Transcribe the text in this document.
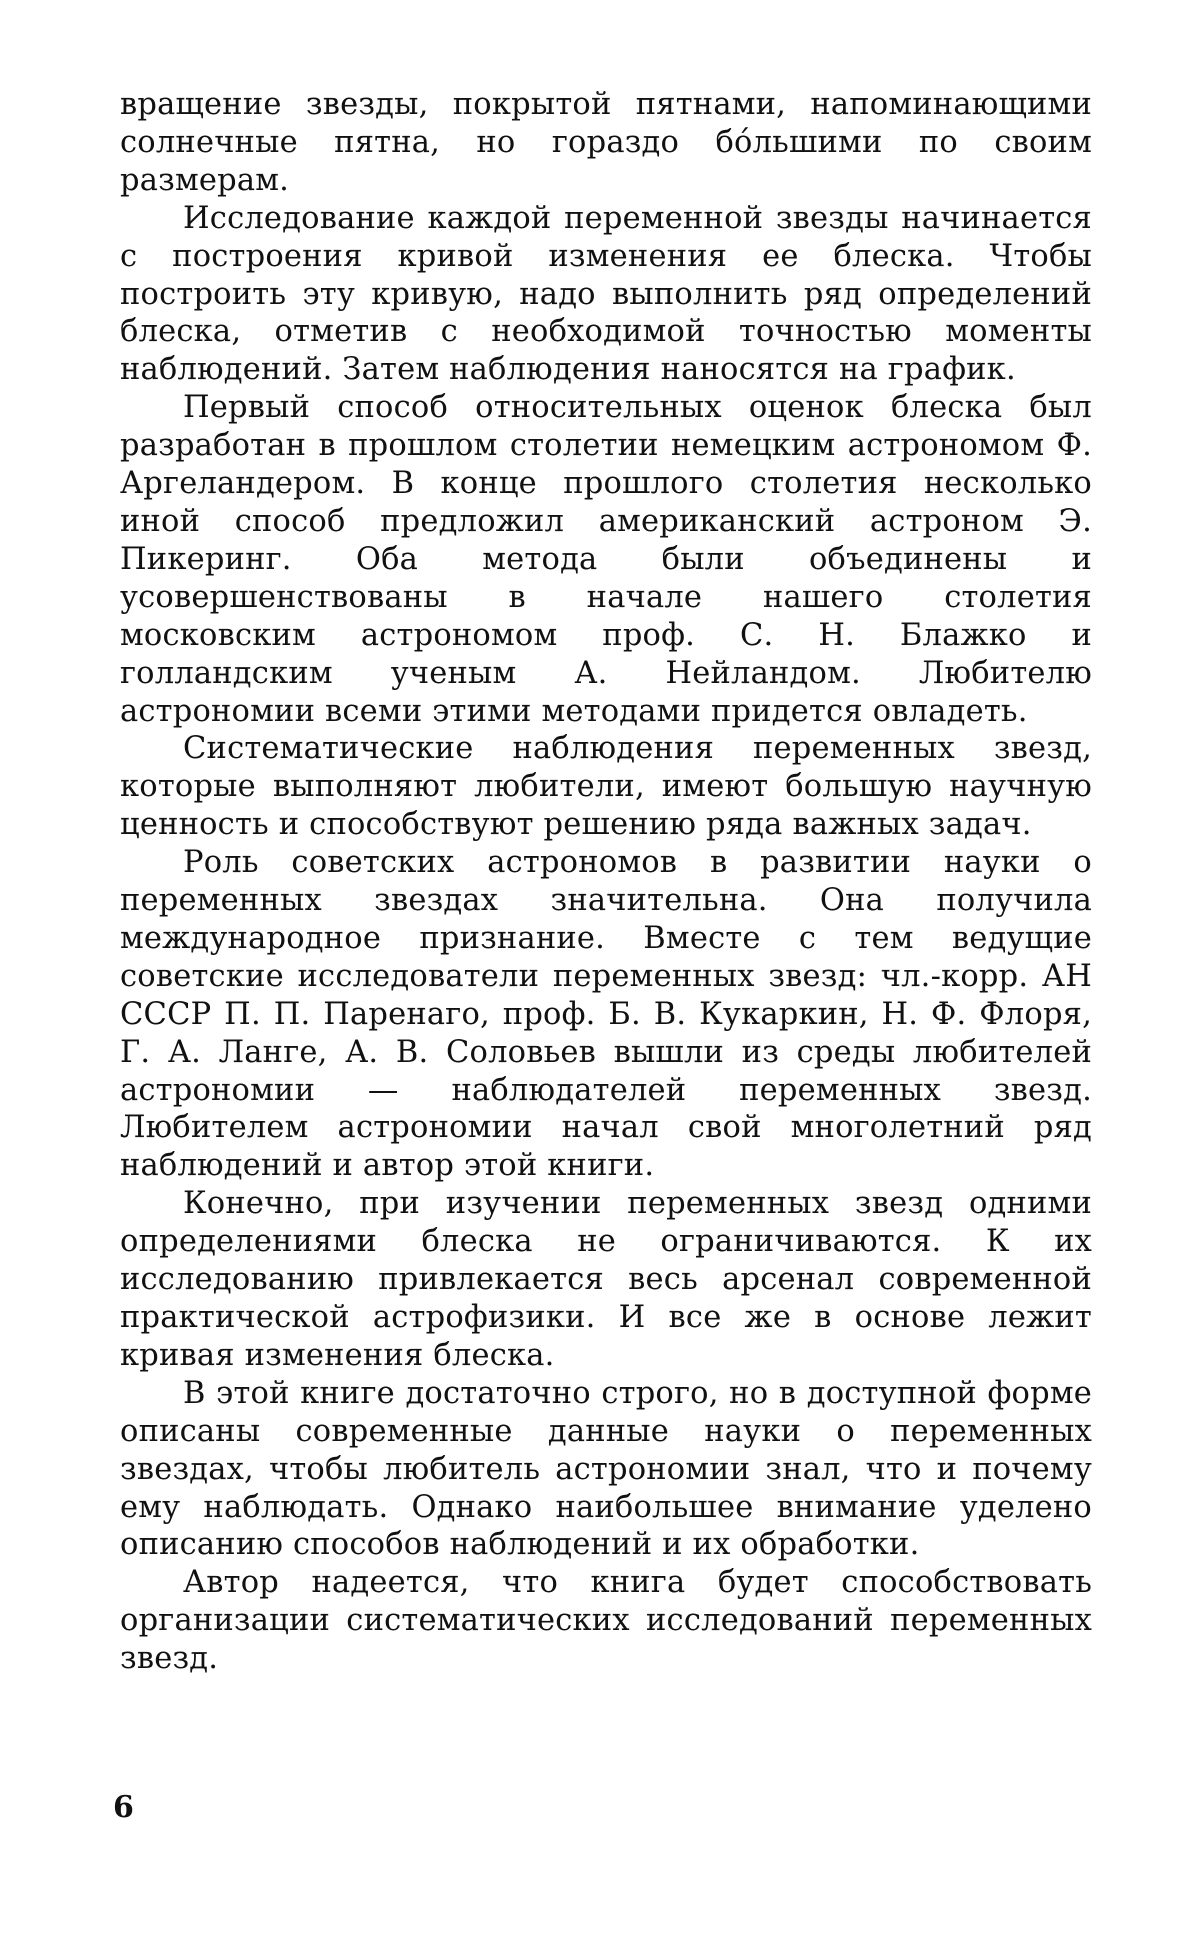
вращение звезды, покрытой пятнами, напоминающими солнечные пятна, но гораздо бо́льшими по своим размерам.

Исследование каждой переменной звезды начинается с построения кривой изменения ее блеска. Чтобы построить эту кривую, надо выполнить ряд определений блеска, отметив с необходимой точностью моменты наблюдений. Затем наблюдения наносятся на график.

Первый способ относительных оценок блеска был разработан в прошлом столетии немецким астрономом Ф. Аргеландером. В конце прошлого столетия несколько иной способ предложил американский астроном Э. Пикеринг. Оба метода были объединены и усовершенствованы в начале нашего столетия московским астрономом проф. С. Н. Блажко и голландским ученым А. Нейландом. Любителю астрономии всеми этими методами придется овладеть.

Систематические наблюдения переменных звезд, которые выполняют любители, имеют большую научную ценность и способствуют решению ряда важных задач.

Роль советских астрономов в развитии науки о переменных звездах значительна. Она получила международное признание. Вместе с тем ведущие советские исследователи переменных звезд: чл.-корр. АН СССР П. П. Паренаго, проф. Б. В. Кукаркин, Н. Ф. Флоря, Г. А. Ланге, А. В. Соловьев вышли из среды любителей астрономии — наблюдателей переменных звезд. Любителем астрономии начал свой многолетний ряд наблюдений и автор этой книги.

Конечно, при изучении переменных звезд одними определениями блеска не ограничиваются. К их исследованию привлекается весь арсенал современной практической астрофизики. И все же в основе лежит кривая изменения блеска.

В этой книге достаточно строго, но в доступной форме описаны современные данные науки о переменных звездах, чтобы любитель астрономии знал, что и почему ему наблюдать. Однако наибольшее внимание уделено описанию способов наблюдений и их обработки.

Автор надеется, что книга будет способствовать организации систематических исследований переменных звезд.

6
